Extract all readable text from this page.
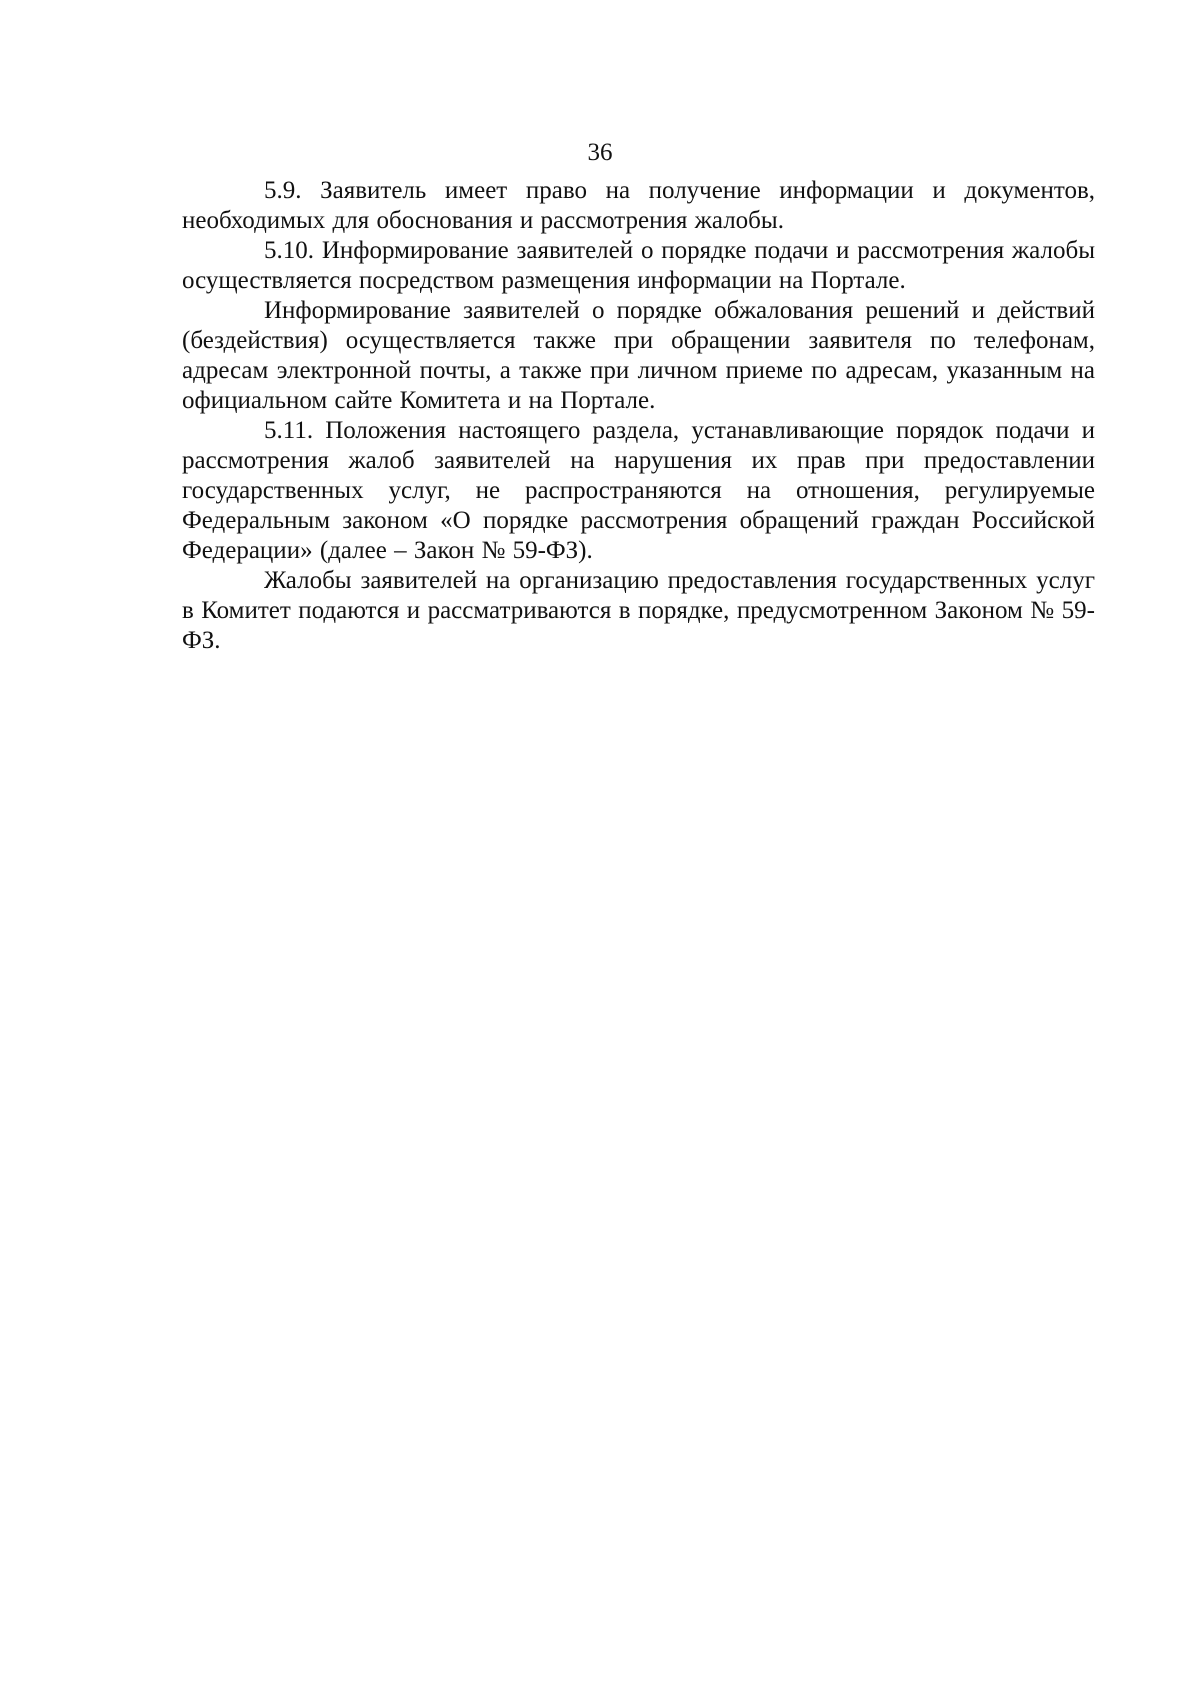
36

5.9. Заявитель имеет право на получение информации и документов, необходимых для обоснования и рассмотрения жалобы.

5.10. Информирование заявителей о порядке подачи и рассмотрения жалобы осуществляется посредством размещения информации на Портале.

Информирование заявителей о порядке обжалования решений и действий (бездействия) осуществляется также при обращении заявителя по телефонам, адресам электронной почты, а также при личном приеме по адресам, указанным на официальном сайте Комитета и на Портале.

5.11. Положения настоящего раздела, устанавливающие порядок подачи и рассмотрения жалоб заявителей на нарушения их прав при предоставлении государственных услуг, не распространяются на отношения, регулируемые Федеральным законом «О порядке рассмотрения обращений граждан Российской Федерации» (далее – Закон № 59-ФЗ).

Жалобы заявителей на организацию предоставления государственных услуг в Комитет подаются и рассматриваются в порядке, предусмотренном Законом № 59-ФЗ.
